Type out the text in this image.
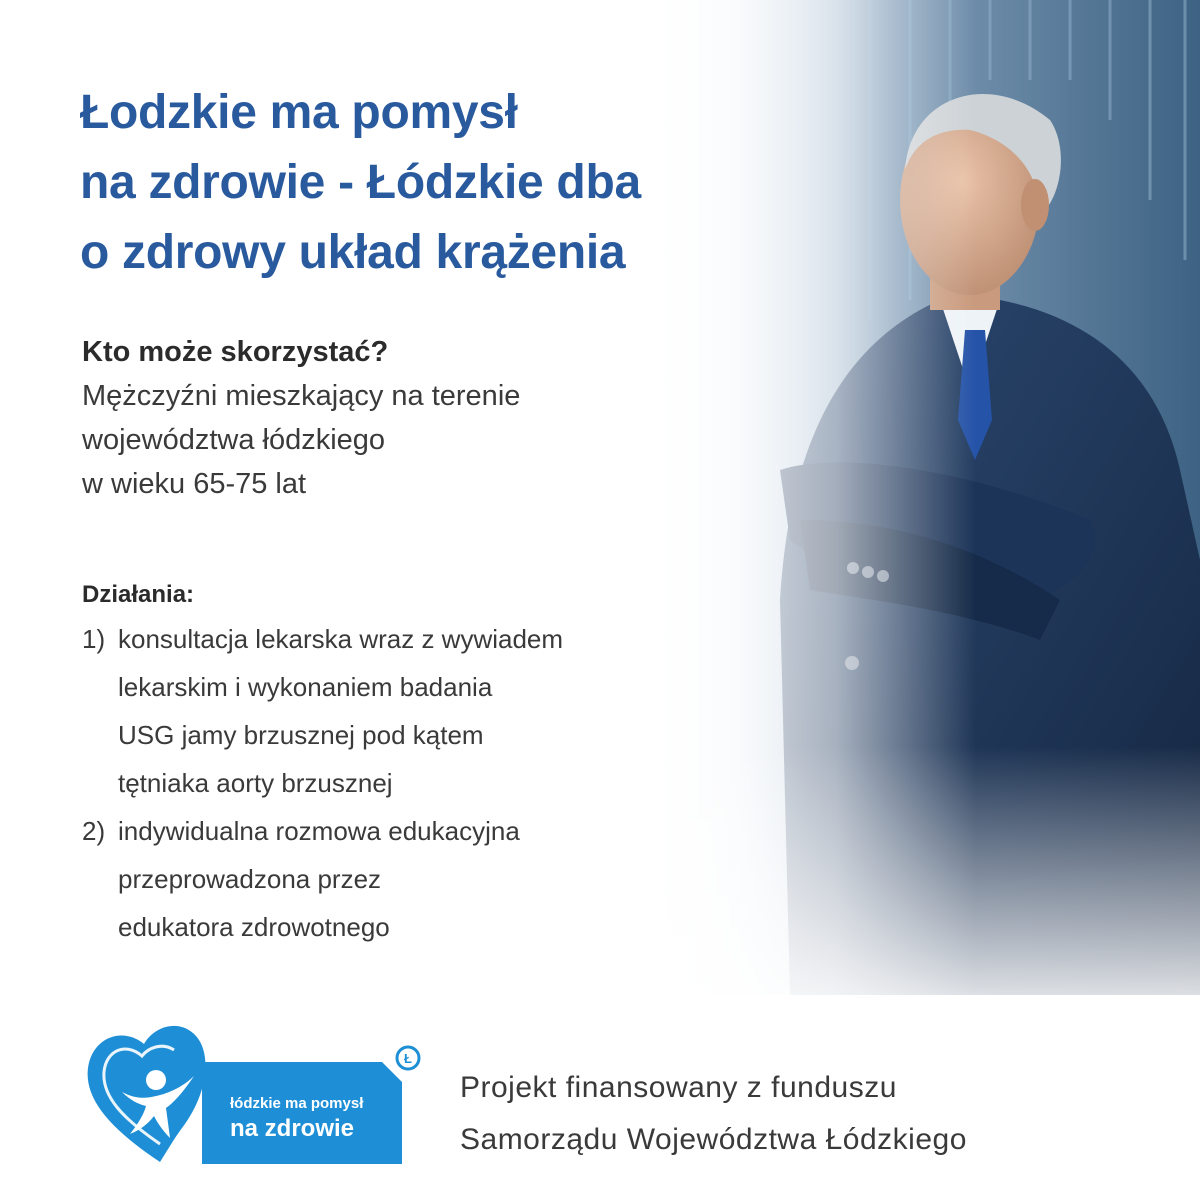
Łodzkie ma pomysł
na zdrowie - Łódzkie dba
o zdrowy układ krążenia
Kto może skorzystać?
Mężczyźni mieszkający na terenie
województwa łódzkiego
w wieku 65-75 lat
Działania:
1) konsultacja lekarska wraz z wywiadem
lekarskim i wykonaniem badania
USG jamy brzusznej pod kątem
tętniaka aorty brzusznej
2) indywidualna rozmowa edukacyjna
przeprowadzona przez
edukatora zdrowotnego
łódzkie ma pomysł
na zdrowie
Ł
Projekt finansowany z funduszu
Samorządu Województwa Łódzkiego
